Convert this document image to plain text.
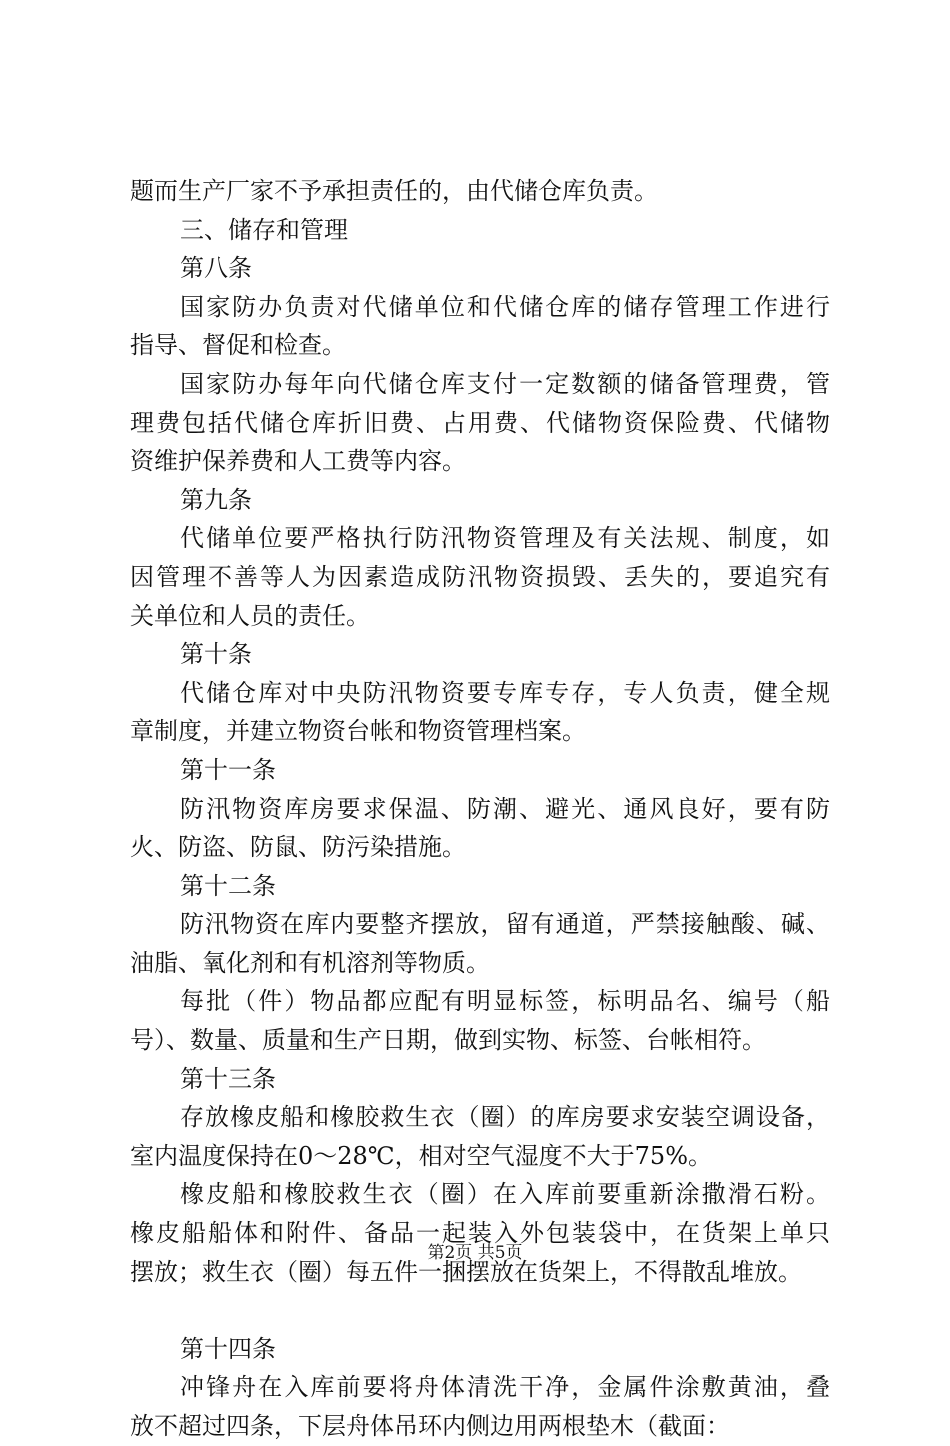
题而生产厂家不予承担责任的，由代储仓库负责。
三、储存和管理
第八条
国家防办负责对代储单位和代储仓库的储存管理工作进行
指导、督促和检查。
国家防办每年向代储仓库支付一定数额的储备管理费，管
理费包括代储仓库折旧费、占用费、代储物资保险费、代储物
资维护保养费和人工费等内容。
第九条
代储单位要严格执行防汛物资管理及有关法规、制度，如
因管理不善等人为因素造成防汛物资损毁、丢失的，要追究有
关单位和人员的责任。
第十条
代储仓库对中央防汛物资要专库专存，专人负责，健全规
章制度，并建立物资台帐和物资管理档案。
第十一条
防汛物资库房要求保温、防潮、避光、通风良好，要有防
火、防盗、防鼠、防污染措施。
第十二条
防汛物资在库内要整齐摆放，留有通道，严禁接触酸、碱、
油脂、氧化剂和有机溶剂等物质。
每批（件）物品都应配有明显标签，标明品名、编号（船
号）、数量、质量和生产日期，做到实物、标签、台帐相符。
第十三条
存放橡皮船和橡胶救生衣（圈）的库房要求安装空调设备，
室内温度保持在0～28℃，相对空气湿度不大于75%。
橡皮船和橡胶救生衣（圈）在入库前要重新涂撒滑石粉。
橡皮船船体和附件、备品一起装入外包装袋中，在货架上单只
摆放；救生衣（圈）每五件一捆摆放在货架上，不得散乱堆放。
第十四条
冲锋舟在入库前要将舟体清洗干净，金属件涂敷黄油，叠
放不超过四条，下层舟体吊环内侧边用两根垫木（截面：
第2页 共5页
